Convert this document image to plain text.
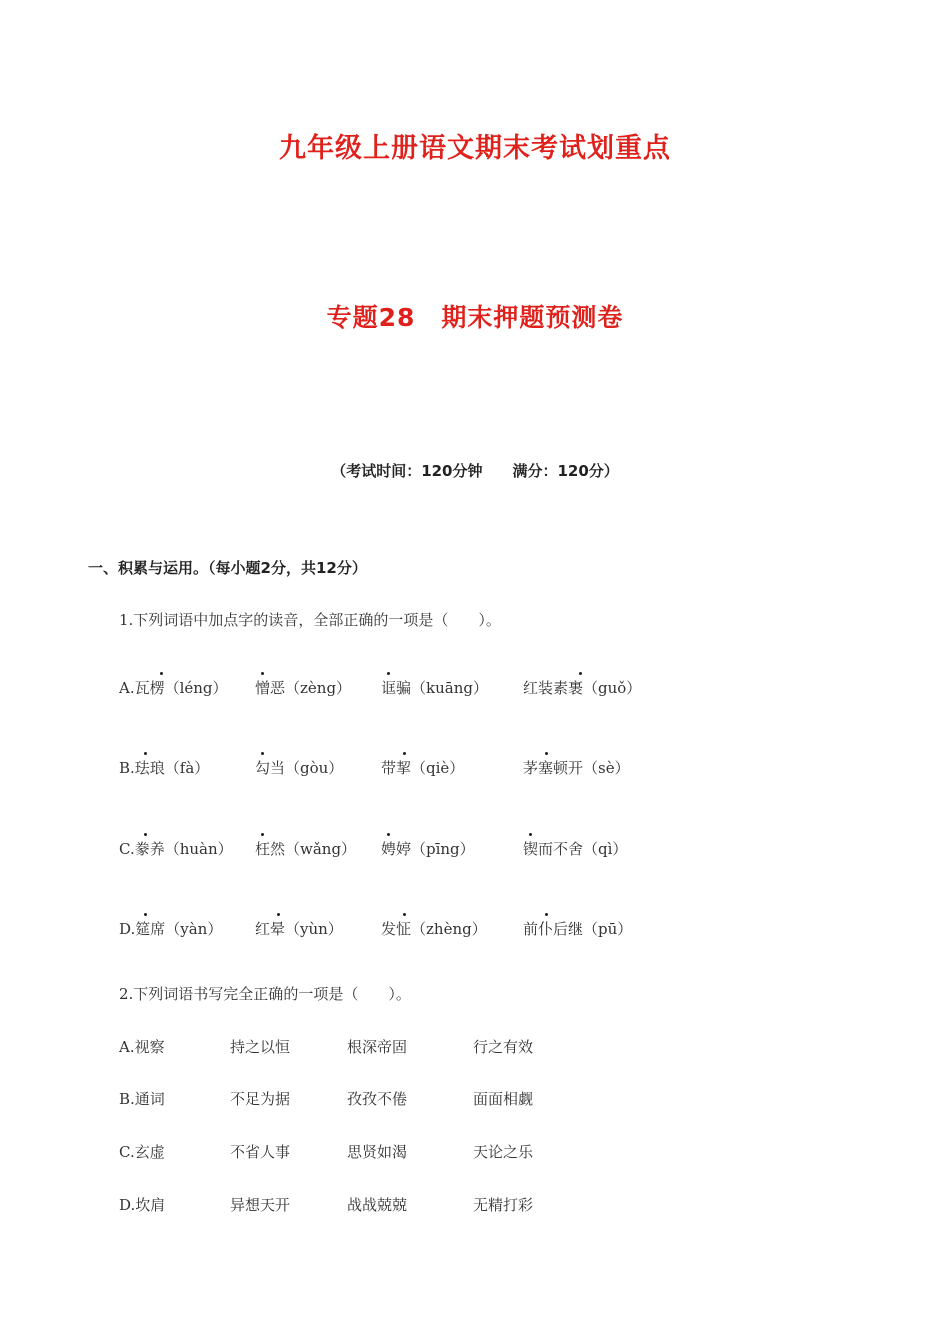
九年级上册语文期末考试划重点
专题28　期末押题预测卷
（考试时间：120分钟　　满分：120分）
一、积累与运用。（每小题2分，共12分）
1.下列词语中加点字的读音，全部正确的一项是（　　）。
A.瓦楞（léng） 憎恶（zèng） 诓骗（kuāng） 红装素裹（guǒ）
B.珐琅（fà）	勾当（gòu）	带挈（qiè）	茅塞顿开（sè）
C.豢养（huàn） 枉然（wǎng） 娉婷（pīng）	锲而不舍（qì）
D.筵席（yàn） 红晕（yùn）	发怔（zhèng） 前仆后继（pū）
2.下列词语书写完全正确的一项是（　　）。
A.视察	持之以恒	根深帝固	行之有效
B.通词	不足为据	孜孜不倦	面面相觑
C.玄虚	不省人事	思贤如渴	天论之乐
D.坎肩	异想天开	战战兢兢	无精打彩
